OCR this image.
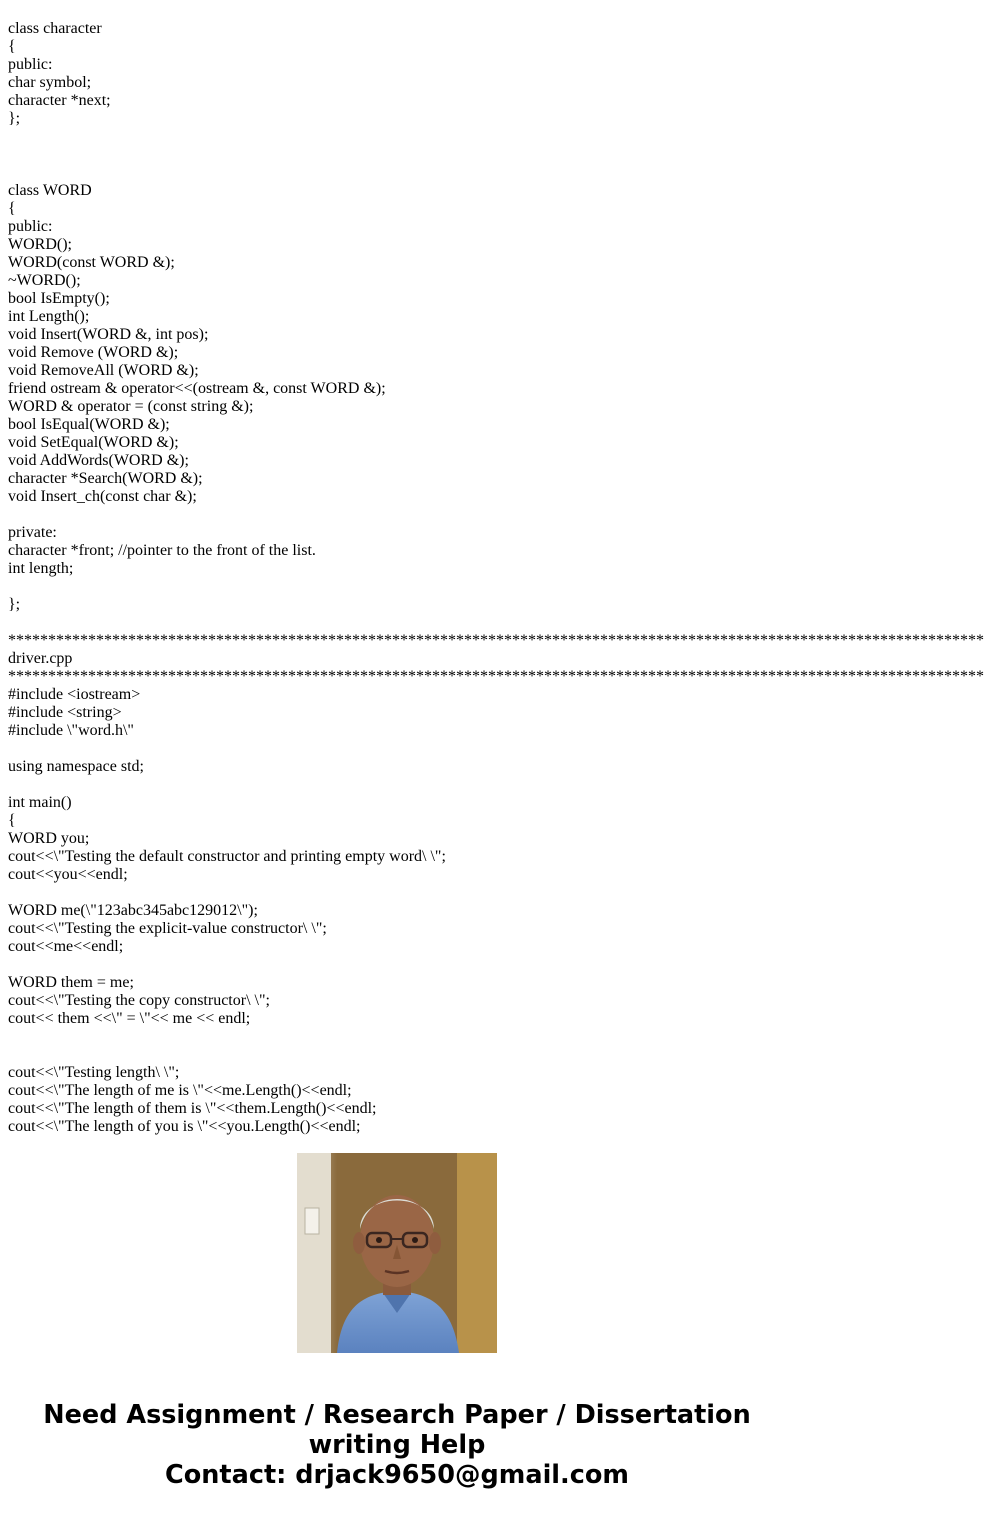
class character
{
public:
char symbol;
character *next;
};
class WORD
{
public:
WORD();
WORD(const WORD &);
~WORD();
bool IsEmpty();
int Length();
void Insert(WORD &, int pos);
void Remove (WORD &);
void RemoveAll (WORD &);
friend ostream & operator<<(ostream &, const WORD &);
WORD & operator = (const string &);
bool IsEqual(WORD &);
void SetEqual(WORD &);
void AddWords(WORD &);
character *Search(WORD &);
void Insert_ch(const char &);
private:
character *front; //pointer to the front of the list.
int length;
};
**************************************************************************************************************************
driver.cpp
**************************************************************************************************************************
#include <iostream>
#include <string>
#include \"word.h\"
using namespace std;
int main()
{
WORD you;
cout<<\"Testing the default constructor and printing empty word\ \";
cout<<you<<endl;
WORD me(\"123abc345abc129012\");
cout<<\"Testing the explicit-value constructor\ \";
cout<<me<<endl;
WORD them = me;
cout<<\"Testing the copy constructor\ \";
cout<< them <<\" = \"<< me << endl;
cout<<\"Testing length\ \";
cout<<\"The length of me is \"<<me.Length()<<endl;
cout<<\"The length of them is \"<<them.Length()<<endl;
cout<<\"The length of you is \"<<you.Length()<<endl;
Need Assignment / Research Paper / Dissertation
writing Help
Contact: drjack9650@gmail.com
